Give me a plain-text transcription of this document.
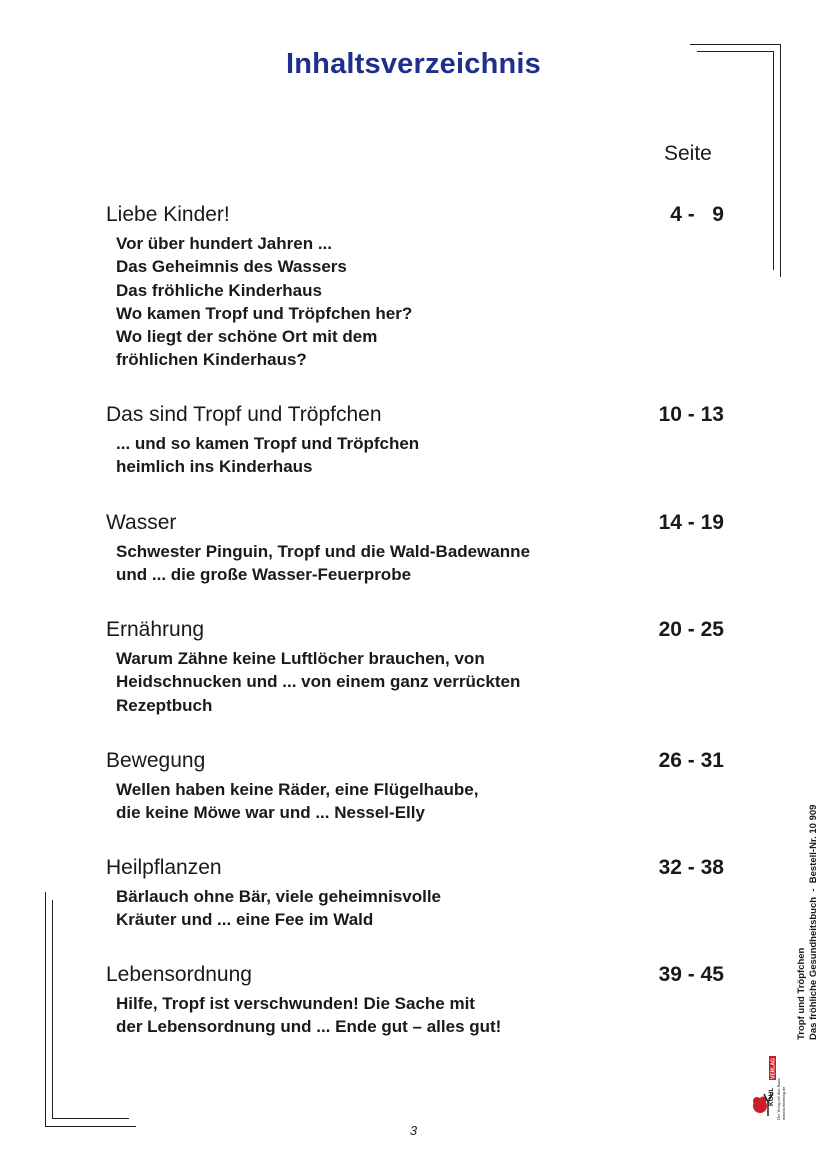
Inhaltsverzeichnis
Seite
Liebe Kinder!	4 -   9
Vor über hundert Jahren ...
Das Geheimnis des Wassers
Das fröhliche Kinderhaus
Wo kamen Tropf und Tröpfchen her?
Wo liegt der schöne Ort mit dem
fröhlichen Kinderhaus?
Das sind Tropf und Tröpfchen	10 - 13
... und so kamen Tropf und Tröpfchen
heimlich ins Kinderhaus
Wasser	14 - 19
Schwester Pinguin, Tropf und die Wald-Badewanne
und ... die große Wasser-Feuerprobe
Ernährung	20 - 25
Warum Zähne keine Luftlöcher brauchen, von
Heidschnucken und ... von einem ganz verrückten
Rezeptbuch
Bewegung	26 - 31
Wellen haben keine Räder, eine Flügelhaube,
die keine Möwe war und ... Nessel-Elly
Heilpflanzen	32 - 38
Bärlauch ohne Bär, viele geheimnisvolle
Kräuter und ... eine Fee im Wald
Lebensordnung	39 - 45
Hilfe, Tropf ist verschwunden! Die Sache mit
der Lebensordnung und ... Ende gut – alles gut!	Tropf und Tröpfchen Das fröhliche Gesundheitsbuch  -  Bestell-Nr. 10 909
KOHL
VERLAG
Der Verlag mit dem Baum www.kohlverlag.de
3
